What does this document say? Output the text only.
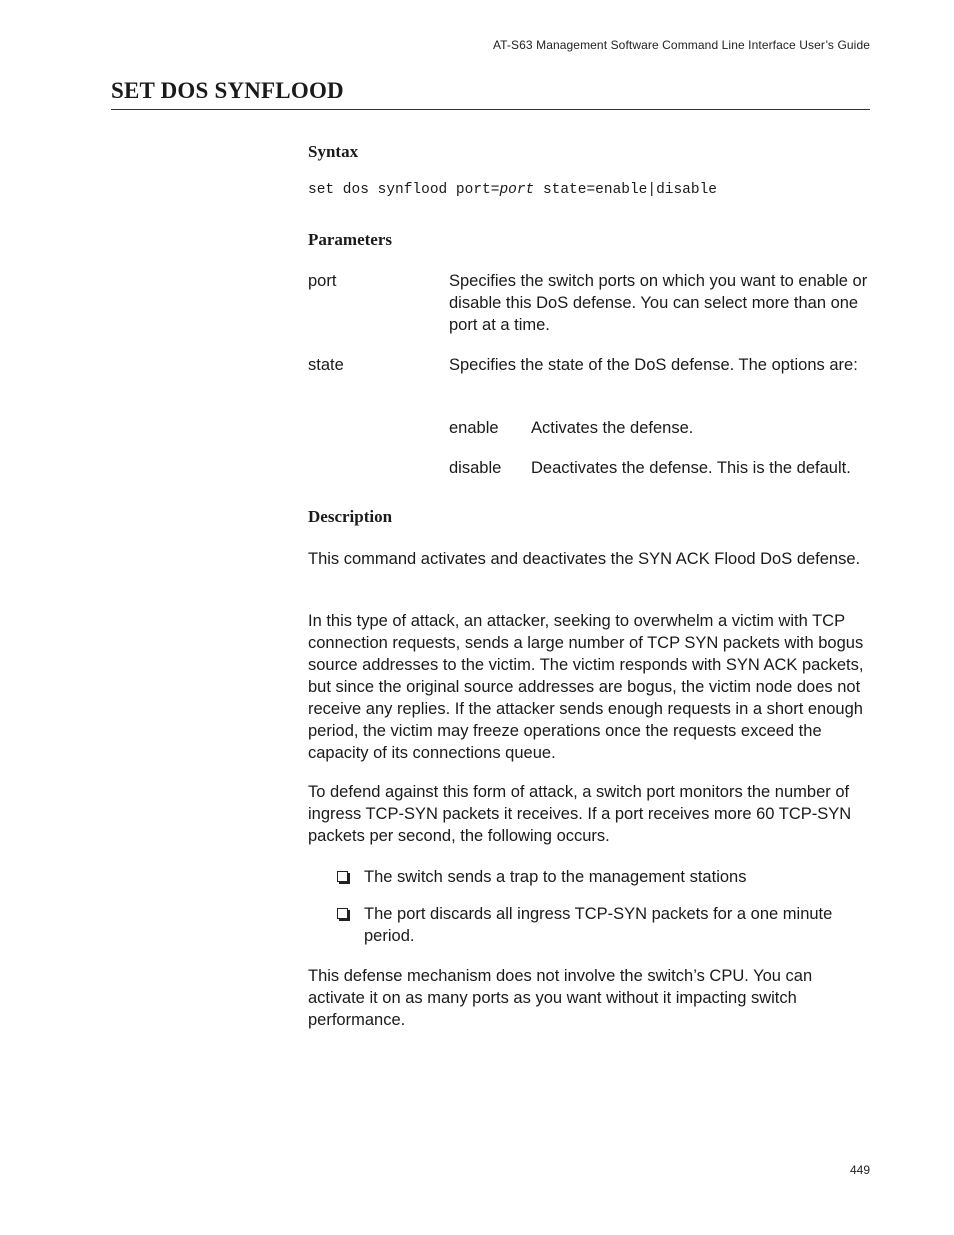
AT-S63 Management Software Command Line Interface User’s Guide
SET DOS SYNFLOOD
Syntax
set dos synflood port=port state=enable|disable
Parameters
port	Specifies the switch ports on which you want to enable or disable this DoS defense. You can select more than one port at a time.
state	Specifies the state of the DoS defense. The options are:
enable Activates the defense.
disable Deactivates the defense. This is the default.
Description

This command activates and deactivates the SYN ACK Flood DoS defense.

In this type of attack, an attacker, seeking to overwhelm a victim with TCP connection requests, sends a large number of TCP SYN packets with bogus source addresses to the victim. The victim responds with SYN ACK packets, but since the original source addresses are bogus, the victim node does not receive any replies. If the attacker sends enough requests in a short enough period, the victim may freeze operations once the requests exceed the capacity of its connections queue.

To defend against this form of attack, a switch port monitors the number of ingress TCP-SYN packets it receives. If a port receives more 60 TCP-SYN packets per second, the following occurs.

The switch sends a trap to the management stations

The port discards all ingress TCP-SYN packets for a one minute period.

This defense mechanism does not involve the switch’s CPU. You can activate it on as many ports as you want without it impacting switch performance.

449
